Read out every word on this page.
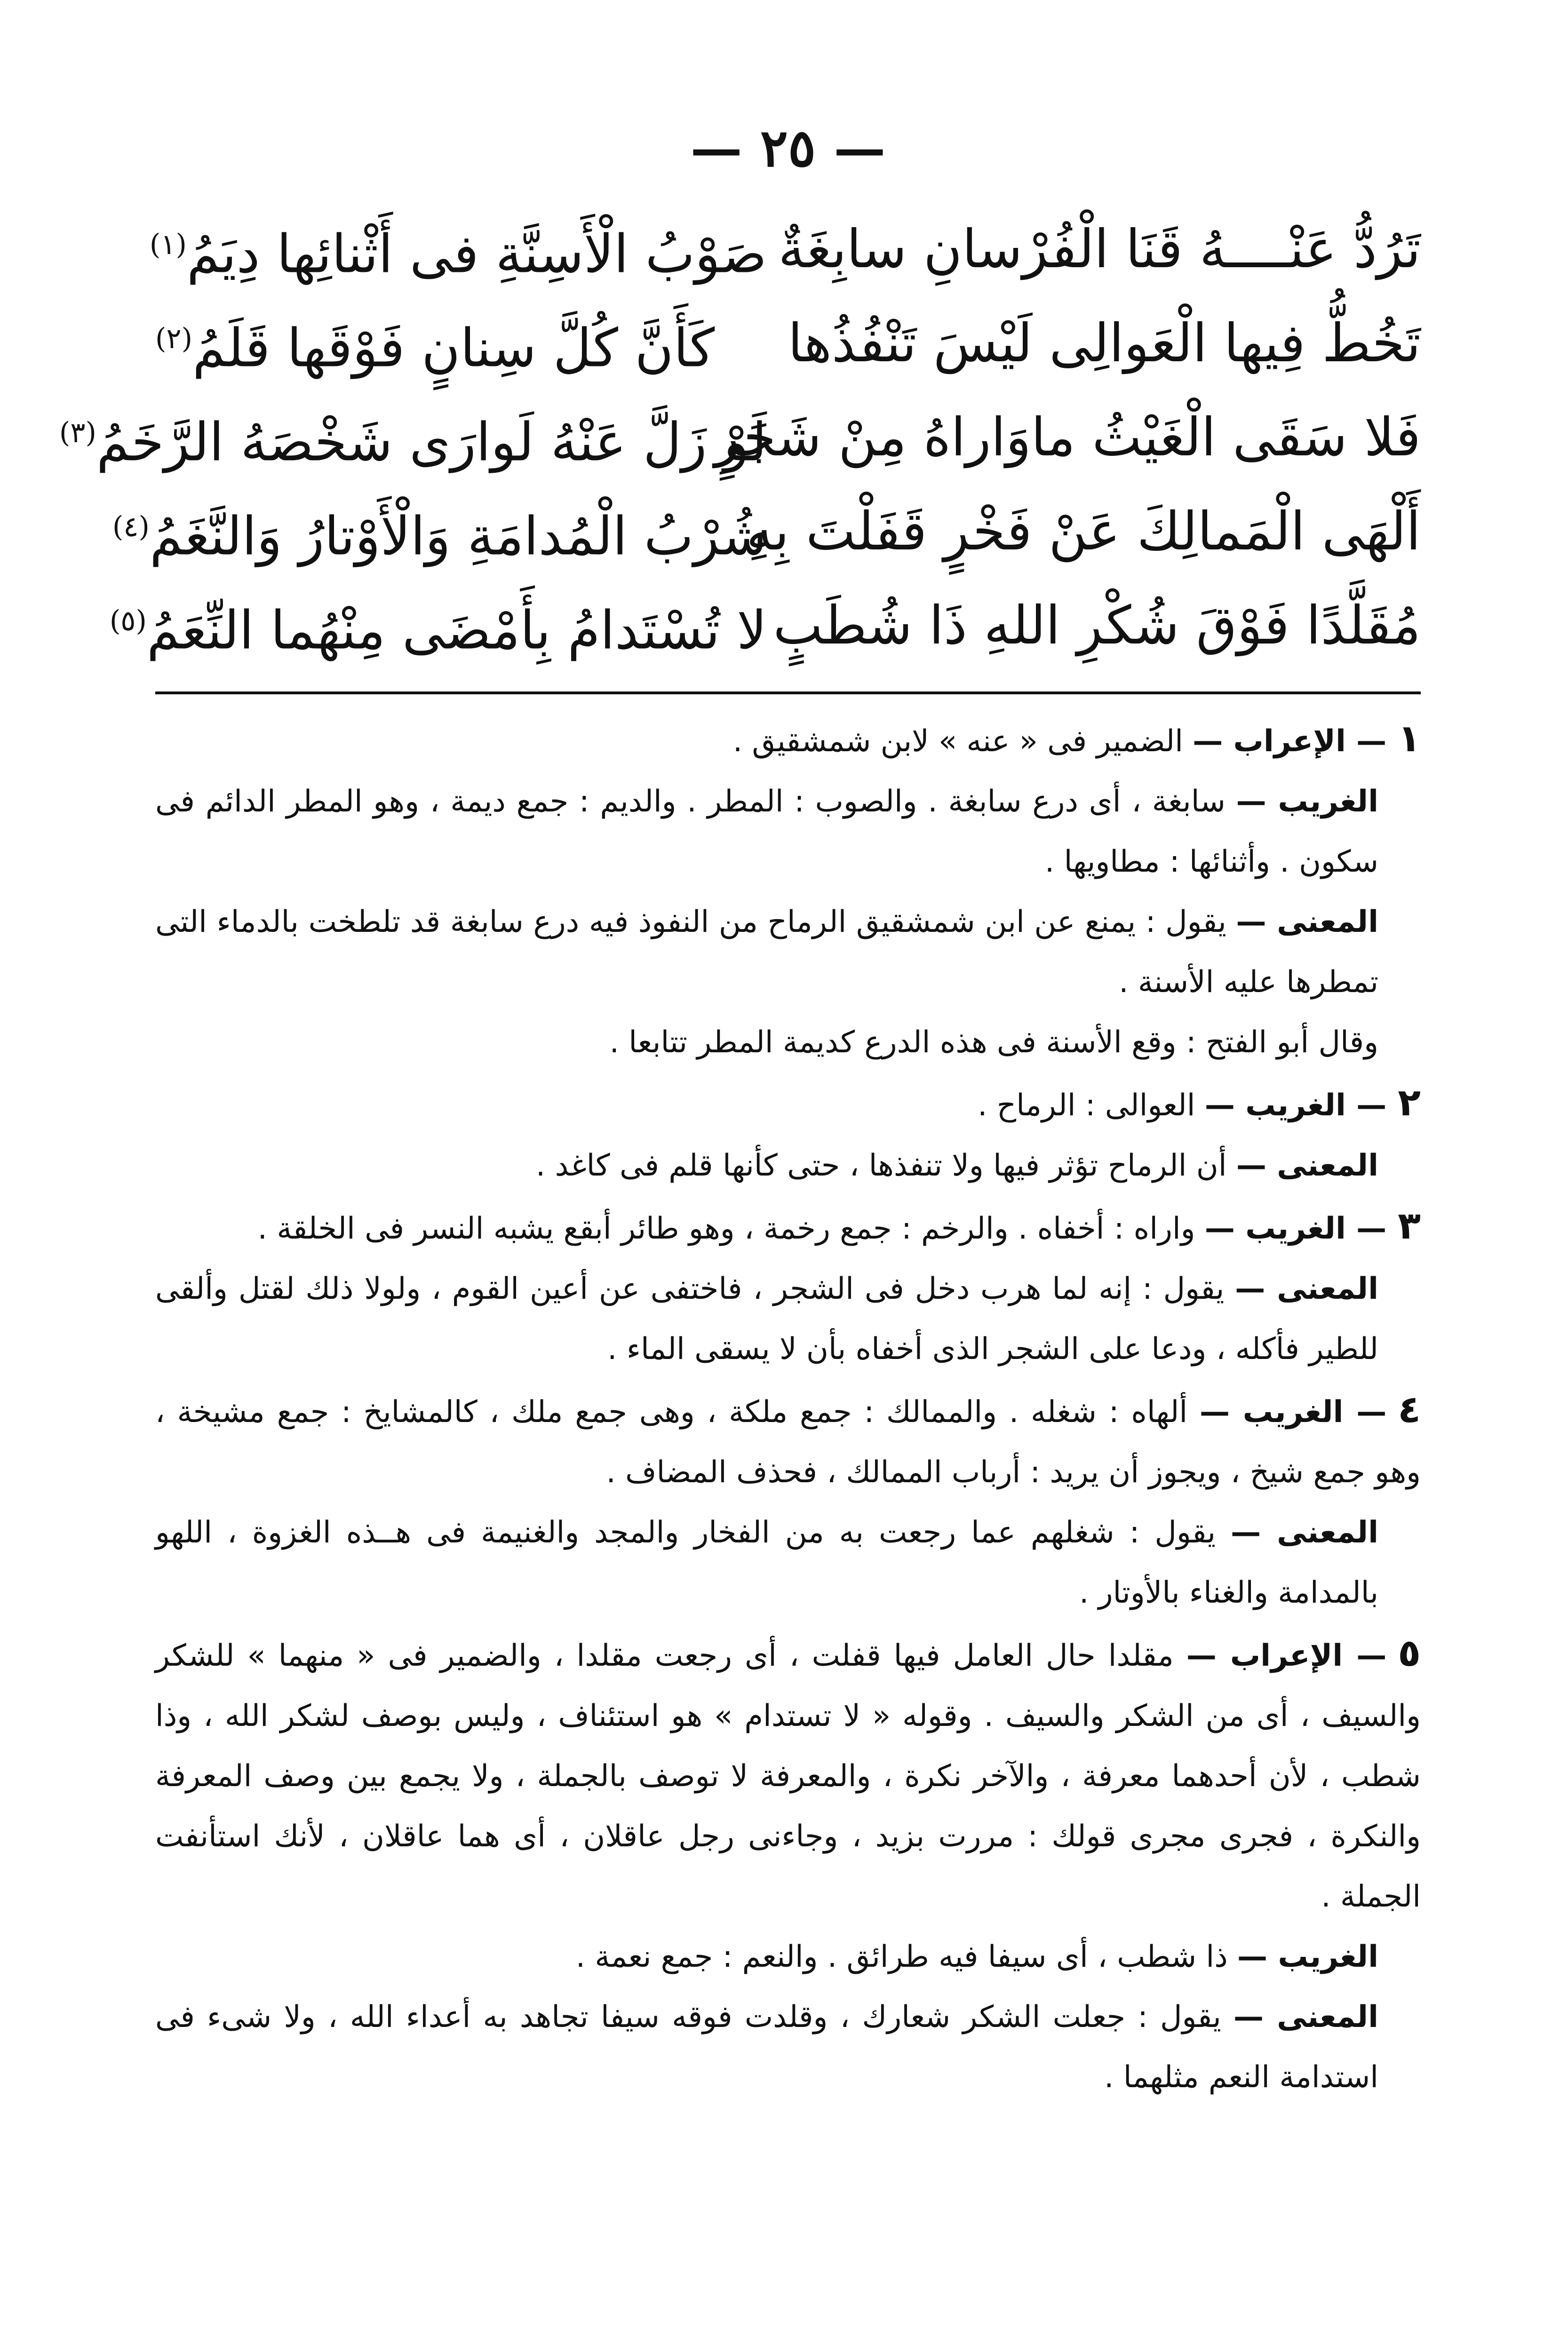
— ٢٥ —
تَرُدُّ عَنْــــهُ قَنَا الْفُرْسانِ سابِغَةٌ
صَوْبُ الْأَسِنَّةِ فى أَثْنائِها دِيَمُ$^{(١)}$
تَخُطُّ فِيها الْعَوالِى لَيْسَ تَنْفُذُها
كَأَنَّ كُلَّ سِنانٍ فَوْقَها قَلَمُ$^{(٢)}$
فَلا سَقَى الْغَيْثُ ماوَاراهُ مِنْ شَجَرٍ
لَوْ زَلَّ عَنْهُ لَوارَى شَخْصَهُ الرَّخَمُ$^{(٣)}$
أَلْهَى الْمَمالِكَ عَنْ فَخْرٍ قَفَلْتَ بِهِ
شُرْبُ الْمُدامَةِ وَالْأَوْتارُ وَالنَّغَمُ$^{(٤)}$
مُقَلَّدًا فَوْقَ شُكْرِ اللهِ ذَا شُطَبٍ
لا تُسْتَدامُ بِأَمْضَى مِنْهُما النِّعَمُ$^{(٥)}$

١— الإعراب — الضمير فى « عنه » لابن شمشقيق .

الغريب — سابغة ، أى درع سابغة . والصوب : المطر . والديم : جمع ديمة ، وهو المطر الدائم فى سكون . وأثنائها : مطاويها .

المعنى — يقول : يمنع عن ابن شمشقيق الرماح من النفوذ فيه درع سابغة قد تلطخت بالدماء التى تمطرها عليه الأسنة .

وقال أبو الفتح : وقع الأسنة فى هذه الدرع كديمة المطر تتابعا .

٢— الغريب — العوالى : الرماح .

المعنى — أن الرماح تؤثر فيها ولا تنفذها ، حتى كأنها قلم فى كاغد .

٣— الغريب — واراه : أخفاه . والرخم : جمع رخمة ، وهو طائر أبقع يشبه النسر فى الخلقة .

المعنى — يقول : إنه لما هرب دخل فى الشجر ، فاختفى عن أعين القوم ، ولولا ذلك لقتل وألقى للطير فأكله ، ودعا على الشجر الذى أخفاه بأن لا يسقى الماء .

٤— الغريب — ألهاه : شغله . والممالك : جمع ملكة ، وهى جمع ملك ، كالمشايخ : جمع مشيخة ، وهو جمع شيخ ، ويجوز أن يريد : أرباب الممالك ، فحذف المضاف .

المعنى — يقول : شغلهم عما رجعت به من الفخار والمجد والغنيمة فى هــذه الغزوة ، اللهو بالمدامة والغناء بالأوتار .

٥— الإعراب — مقلدا حال العامل فيها قفلت ، أى رجعت مقلدا ، والضمير فى « منهما » للشكر والسيف ، أى من الشكر والسيف . وقوله « لا تستدام » هو استئناف ، وليس بوصف لشكر الله ، وذا شطب ، لأن أحدهما معرفة ، والآخر نكرة ، والمعرفة لا توصف بالجملة ، ولا يجمع بين وصف المعرفة والنكرة ، فجرى مجرى قولك : مررت بزيد ، وجاءنى رجل عاقلان ، أى هما عاقلان ، لأنك استأنفت الجملة .

الغريب — ذا شطب ، أى سيفا فيه طرائق . والنعم : جمع نعمة .

المعنى — يقول : جعلت الشكر شعارك ، وقلدت فوقه سيفا تجاهد به أعداء الله ، ولا شىء فى استدامة النعم مثلهما .
